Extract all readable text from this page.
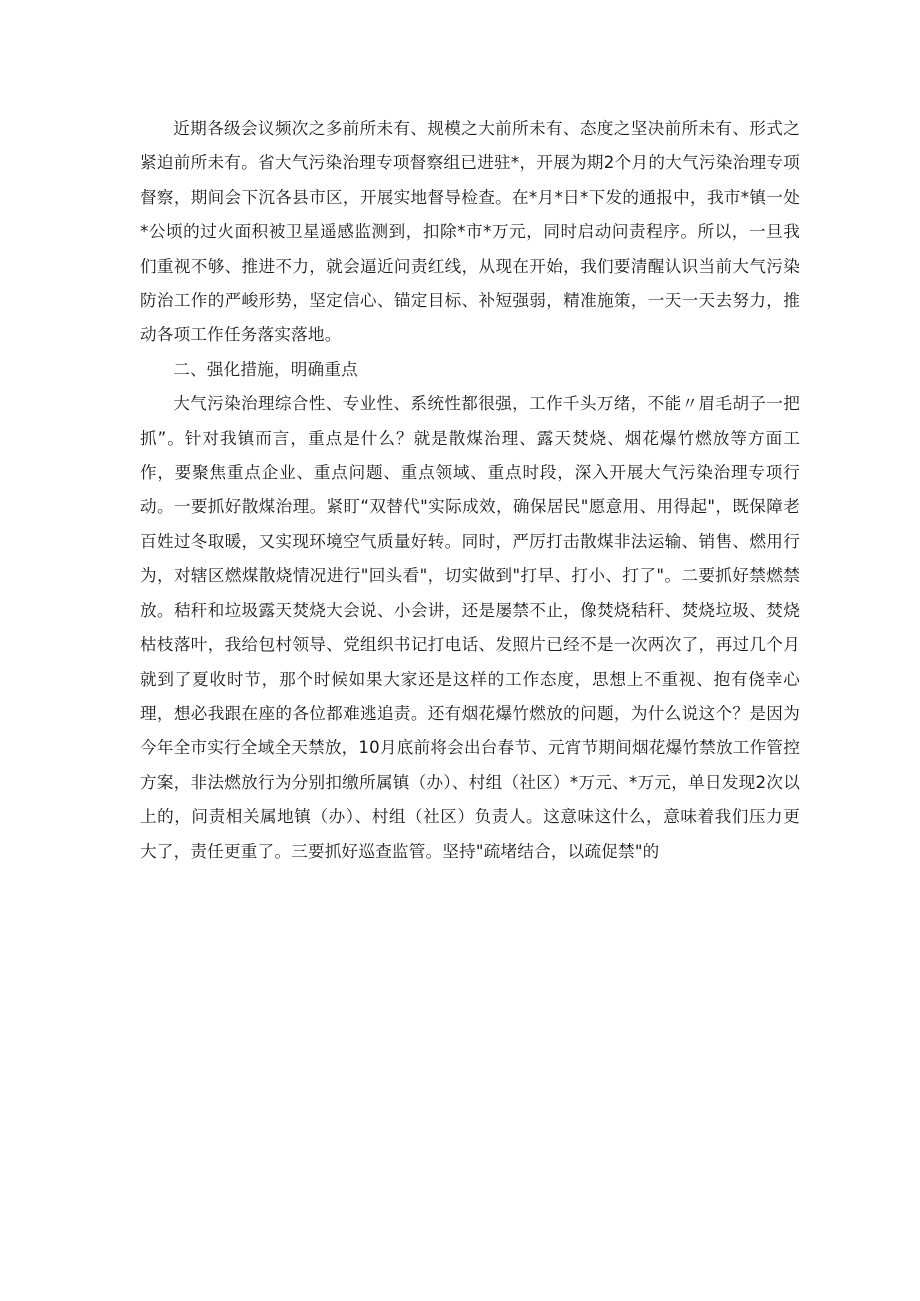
近期各级会议频次之多前所未有、规模之大前所未有、态度之坚决前所未有、形式之紧迫前所未有。省大气污染治理专项督察组已进驻*，开展为期2个月的大气污染治理专项督察，期间会下沉各县市区，开展实地督导检查。在*月*日*下发的通报中，我市*镇一处*公顷的过火面积被卫星遥感监测到，扣除*市*万元，同时启动问责程序。所以，一旦我们重视不够、推进不力，就会逼近问责红线，从现在开始，我们要清醒认识当前大气污染防治工作的严峻形势，坚定信心、锚定目标、补短强弱，精准施策，一天一天去努力，推动各项工作任务落实落地。

二、强化措施，明确重点

大气污染治理综合性、专业性、系统性都很强，工作千头万绪，不能〃眉毛胡子一把抓”。针对我镇而言，重点是什么？就是散煤治理、露天焚烧、烟花爆竹燃放等方面工作，要聚焦重点企业、重点问题、重点领域、重点时段，深入开展大气污染治理专项行动。一要抓好散煤治理。紧盯“双替代"实际成效，确保居民"愿意用、用得起"，既保障老百姓过冬取暖，又实现环境空气质量好转。同时，严厉打击散煤非法运输、销售、燃用行为，对辖区燃煤散烧情况进行"回头看"，切实做到"打早、打小、打了"。二要抓好禁燃禁放。秸秆和垃圾露天焚烧大会说、小会讲，还是屡禁不止，像焚烧秸秆、焚烧垃圾、焚烧枯枝落叶，我给包村领导、党组织书记打电话、发照片已经不是一次两次了，再过几个月就到了夏收时节，那个时候如果大家还是这样的工作态度，思想上不重视、抱有侥幸心理，想必我跟在座的各位都难逃追责。还有烟花爆竹燃放的问题，为什么说这个？是因为今年全市实行全域全天禁放，10月底前将会出台春节、元宵节期间烟花爆竹禁放工作管控方案，非法燃放行为分别扣缴所属镇（办）、村组（社区）*万元、*万元，单日发现2次以上的，问责相关属地镇（办）、村组（社区）负责人。这意味这什么，意味着我们压力更大了，责任更重了。三要抓好巡查监管。坚持"疏堵结合，以疏促禁"的
